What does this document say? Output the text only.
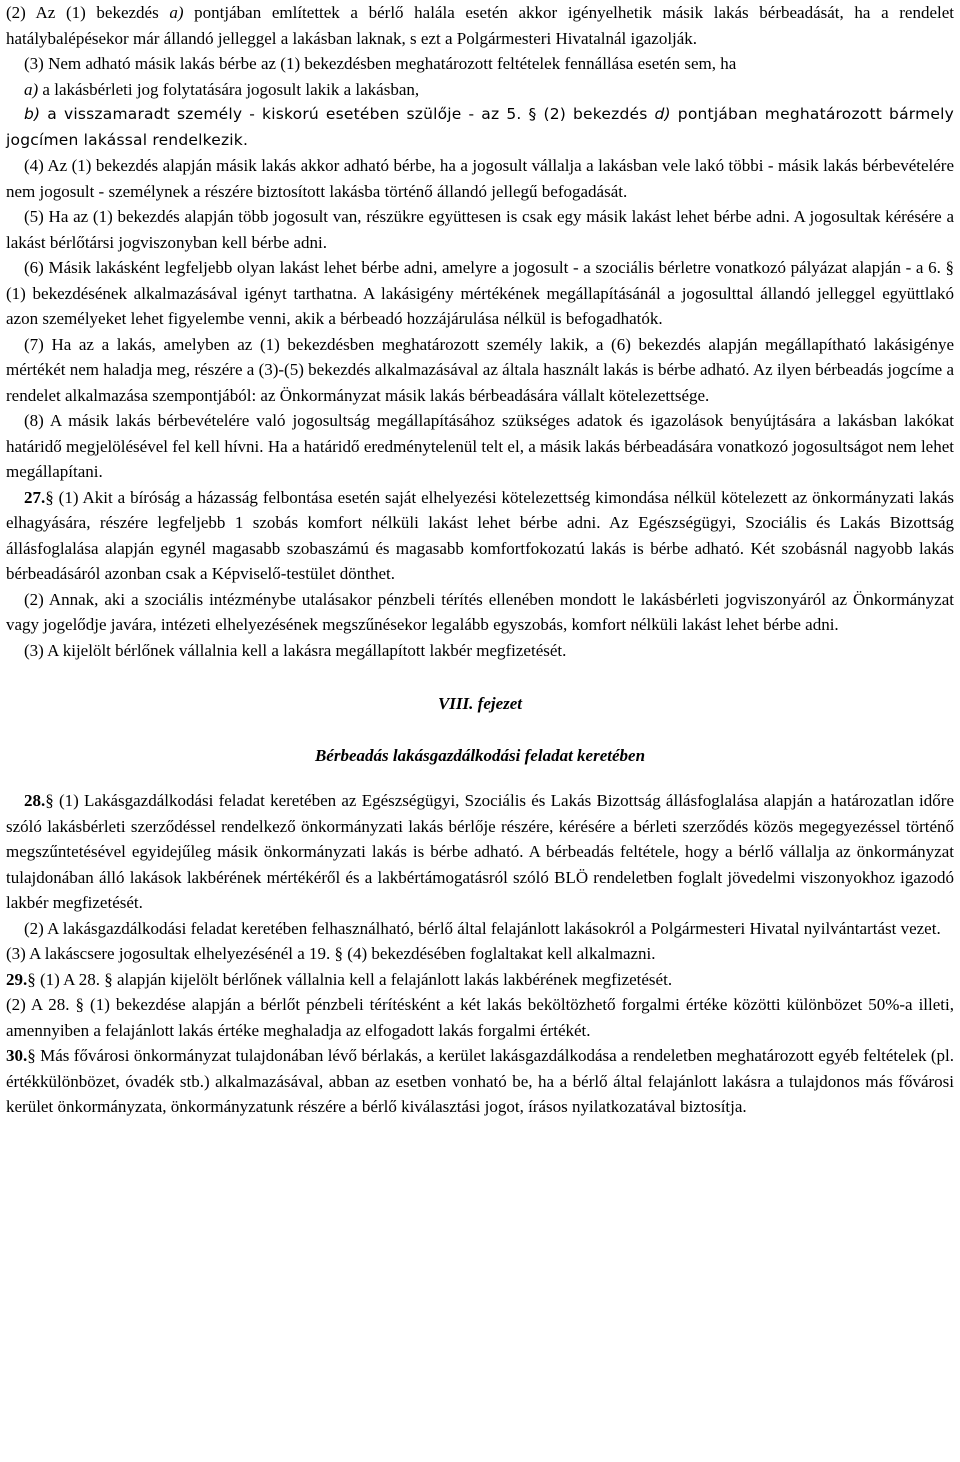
(2) Az (1) bekezdés a) pontjában említettek a bérlő halála esetén akkor igényelhetik másik lakás bérbeadását, ha a rendelet hatálybalépésekor már állandó jelleggel a lakásban laknak, s ezt a Polgármesteri Hivatalnál igazolják.

(3) Nem adható másik lakás bérbe az (1) bekezdésben meghatározott feltételek fennállása esetén sem, ha

a) a lakásbérleti jog folytatására jogosult lakik a lakásban,

b) a visszamaradt személy - kiskorú esetében szülője - az 5. § (2) bekezdés d) pontjában meghatározott bármely jogcímen lakással rendelkezik.

(4) Az (1) bekezdés alapján másik lakás akkor adható bérbe, ha a jogosult vállalja a lakásban vele lakó többi - másik lakás bérbevételére nem jogosult - személynek a részére biztosított lakásba történő állandó jellegű befogadását.

(5) Ha az (1) bekezdés alapján több jogosult van, részükre együttesen is csak egy másik lakást lehet bérbe adni. A jogosultak kérésére a lakást bérlőtársi jogviszonyban kell bérbe adni.

(6) Másik lakásként legfeljebb olyan lakást lehet bérbe adni, amelyre a jogosult - a szociális bérletre vonatkozó pályázat alapján - a 6. § (1) bekezdésének alkalmazásával igényt tarthatna. A lakásigény mértékének megállapításánál a jogosulttal állandó jelleggel együttlakó azon személyeket lehet figyelembe venni, akik a bérbeadó hozzájárulása nélkül is befogadhatók.

(7) Ha az a lakás, amelyben az (1) bekezdésben meghatározott személy lakik, a (6) bekezdés alapján megállapítható lakásigénye mértékét nem haladja meg, részére a (3)-(5) bekezdés alkalmazásával az általa használt lakás is bérbe adható. Az ilyen bérbeadás jogcíme a rendelet alkalmazása szempontjából: az Önkormányzat másik lakás bérbeadására vállalt kötelezettsége.

(8) A másik lakás bérbevételére való jogosultság megállapításához szükséges adatok és igazolások benyújtására a lakásban lakókat határidő megjelölésével fel kell hívni. Ha a határidő eredménytelenül telt el, a másik lakás bérbeadására vonatkozó jogosultságot nem lehet megállapítani.

27.§ (1) Akit a bíróság a házasság felbontása esetén saját elhelyezési kötelezettség kimondása nélkül kötelezett az önkormányzati lakás elhagyására, részére legfeljebb 1 szobás komfort nélküli lakást lehet bérbe adni. Az Egészségügyi, Szociális és Lakás Bizottság állásfoglalása alapján egynél magasabb szobaszámú és magasabb komfortfokozatú lakás is bérbe adható. Két szobásnál nagyobb lakás bérbeadásáról azonban csak a Képviselő-testület dönthet.

(2) Annak, aki a szociális intézménybe utalásakor pénzbeli térítés ellenében mondott le lakásbérleti jogviszonyáról az Önkormányzat vagy jogelődje javára, intézeti elhelyezésének megszűnésekor legalább egyszobás, komfort nélküli lakást lehet bérbe adni.

(3) A kijelölt bérlőnek vállalnia kell a lakásra megállapított lakbér megfizetését.

VIII. fejezet

Bérbeadás lakásgazdálkodási feladat keretében

28.§ (1) Lakásgazdálkodási feladat keretében az Egészségügyi, Szociális és Lakás Bizottság állásfoglalása alapján a határozatlan időre szóló lakásbérleti szerződéssel rendelkező önkormányzati lakás bérlője részére, kérésére a bérleti szerződés közös megegyezéssel történő megszűntetésével egyidejűleg másik önkormányzati lakás is bérbe adható. A bérbeadás feltétele, hogy a bérlő vállalja az önkormányzat tulajdonában álló lakások lakbérének mértékéről és a lakbértámogatásról szóló BLÖ rendeletben foglalt jövedelmi viszonyokhoz igazodó lakbér megfizetését.

(2) A lakásgazdálkodási feladat keretében felhasználható, bérlő által felajánlott lakásokról a Polgármesteri Hivatal nyilvántartást vezet.

(3) A lakáscsere jogosultak elhelyezésénél a 19. § (4) bekezdésében foglaltakat kell alkalmazni.

29.§ (1) A 28. § alapján kijelölt bérlőnek vállalnia kell a felajánlott lakás lakbérének megfizetését.

(2) A 28. § (1) bekezdése alapján a bérlőt pénzbeli térítésként a két lakás beköltözhető forgalmi értéke közötti különbözet 50%-a illeti, amennyiben a felajánlott lakás értéke meghaladja az elfogadott lakás forgalmi értékét.

30.§ Más fővárosi önkormányzat tulajdonában lévő bérlakás, a kerület lakásgazdálkodása a rendeletben meghatározott egyéb feltételek (pl. értékkülönbözet, óvadék stb.) alkalmazásával, abban az esetben vonható be, ha a bérlő által felajánlott lakásra a tulajdonos más fővárosi kerület önkormányzata, önkormányzatunk részére a bérlő kiválasztási jogot, írásos nyilatkozatával biztosítja.
